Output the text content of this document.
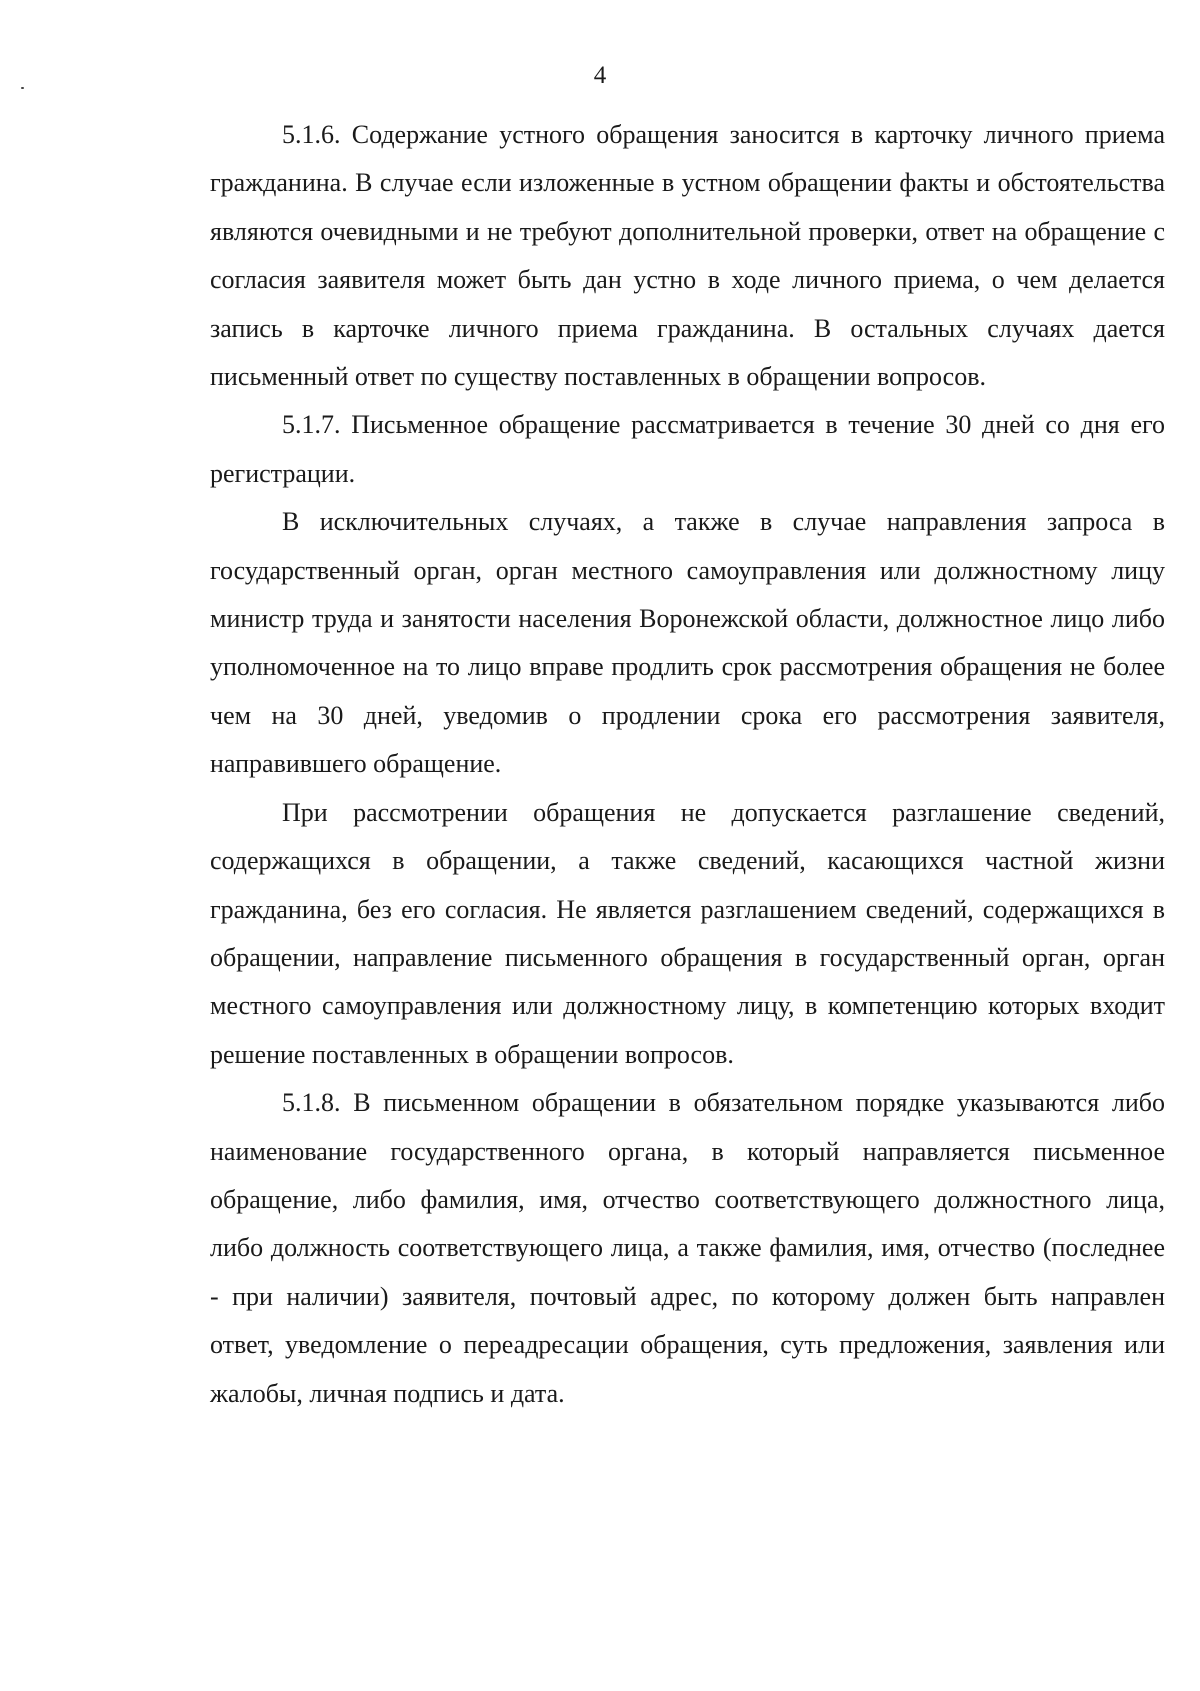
4

5.1.6. Содержание устного обращения заносится в карточку личного приема гражданина. В случае если изложенные в устном обращении факты и обстоятельства являются очевидными и не требуют дополнительной проверки, ответ на обращение с согласия заявителя может быть дан устно в ходе личного приема, о чем делается запись в карточке личного приема гражданина. В остальных случаях дается письменный ответ по существу поставленных в обращении вопросов.

5.1.7. Письменное обращение рассматривается в течение 30 дней со дня его регистрации.

В исключительных случаях, а также в случае направления запроса в государственный орган, орган местного самоуправления или должностному лицу министр труда и занятости населения Воронежской области, должностное лицо либо уполномоченное на то лицо вправе продлить срок рассмотрения обращения не более чем на 30 дней, уведомив о продлении срока его рассмотрения заявителя, направившего обращение.

При рассмотрении обращения не допускается разглашение сведений, содержащихся в обращении, а также сведений, касающихся частной жизни гражданина, без его согласия. Не является разглашением сведений, содержащихся в обращении, направление письменного обращения в государственный орган, орган местного самоуправления или должностному лицу, в компетенцию которых входит решение поставленных в обращении вопросов.

5.1.8. В письменном обращении в обязательном порядке указываются либо наименование государственного органа, в который направляется письменное обращение, либо фамилия, имя, отчество соответствующего должностного лица, либо должность соответствующего лица, а также фамилия, имя, отчество (последнее - при наличии) заявителя, почтовый адрес, по которому должен быть направлен ответ, уведомление о переадресации обращения, суть предложения, заявления или жалобы, личная подпись и дата.
